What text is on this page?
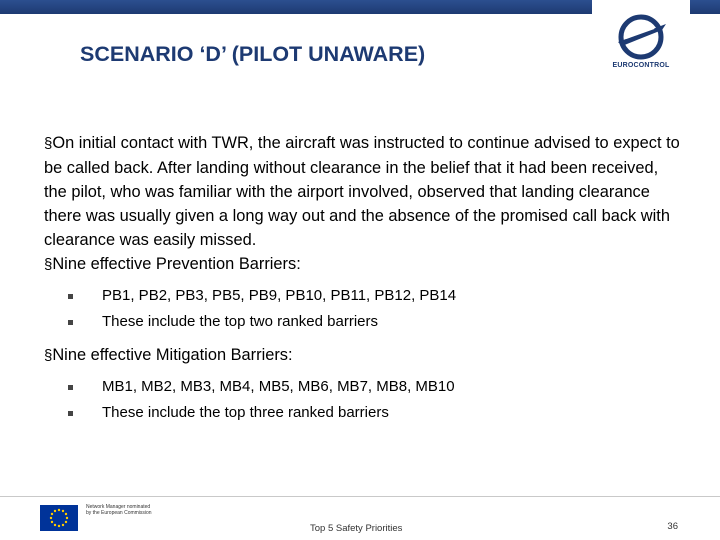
EUROCONTROL
SCENARIO ‘D’ (PILOT UNAWARE)

§On initial contact with TWR, the aircraft was instructed to continue advised to expect to be called back. After landing without clearance in the belief that it had been received, the pilot, who was familiar with the airport involved, observed that landing clearance there was usually given a long way out and the absence of the promised call back with clearance was easily missed.

§Nine effective Prevention Barriers:

PB1, PB2, PB3, PB5, PB9, PB10, PB11, PB12, PB14
These include the top two ranked barriers

§Nine effective Mitigation Barriers:

MB1, MB2, MB3, MB4, MB5, MB6, MB7, MB8, MB10
These include the top three ranked barriers
Network Manager nominated by the European Commission
Top 5 Safety Priorities	36
